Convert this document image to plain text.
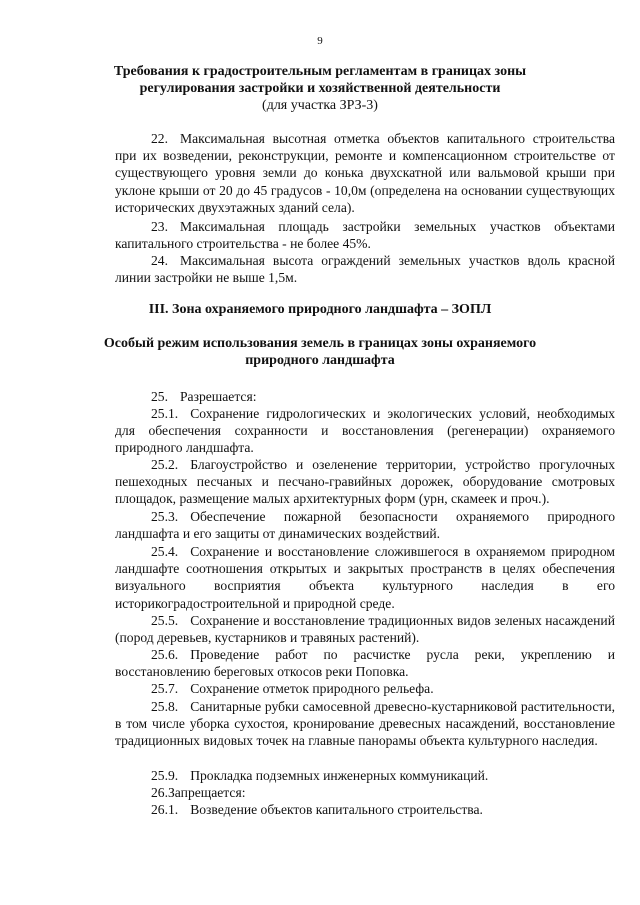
9
Требования к градостроительным регламентам в границах зоны
регулирования застройки и хозяйственной деятельности
(для участка ЗРЗ-3)
22. Максимальная высотная отметка объектов капитального строительства при их возведении, реконструкции, ремонте и компенсационном строительстве от существующего уровня земли до конька двухскатной или вальмовой крыши при уклоне крыши от 20 до 45 градусов - 10,0м (определена на основании существующих исторических двухэтажных зданий села).
23. Максимальная площадь застройки земельных участков объектами капитального строительства - не более 45%.
24. Максимальная высота ограждений земельных участков вдоль красной линии застройки не выше 1,5м.
III. Зона охраняемого природного ландшафта – ЗОПЛ
Особый режим использования земель в границах зоны охраняемого
природного ландшафта
25. Разрешается:
25.1. Сохранение гидрологических и экологических условий, необходимых для обеспечения сохранности и восстановления (регенерации) охраняемого природного ландшафта.
25.2. Благоустройство и озеленение территории, устройство прогулочных пешеходных песчаных и песчано-гравийных дорожек, оборудование смотровых площадок, размещение малых архитектурных форм (урн, скамеек и проч.).
25.3. Обеспечение пожарной безопасности охраняемого природного ландшафта и его защиты от динамических воздействий.
25.4. Сохранение и восстановление сложившегося в охраняемом природном ландшафте соотношения открытых и закрытых пространств в целях обеспечения визуального восприятия объекта культурного наследия в его историкоградостроительной и природной среде.
25.5. Сохранение и восстановление традиционных видов зеленых насаждений (пород деревьев, кустарников и травяных растений).
25.6. Проведение работ по расчистке русла реки, укреплению и восстановлению береговых откосов реки Поповка.
25.7. Сохранение отметок природного рельефа.
25.8. Санитарные рубки самосевной древесно-кустарниковой растительности, в том числе уборка сухостоя, кронирование древесных насаждений, восстановление традиционных видовых точек на главные панорамы объекта культурного наследия.
25.9. Прокладка подземных инженерных коммуникаций.
26.Запрещается:
26.1. Возведение объектов капитального строительства.
